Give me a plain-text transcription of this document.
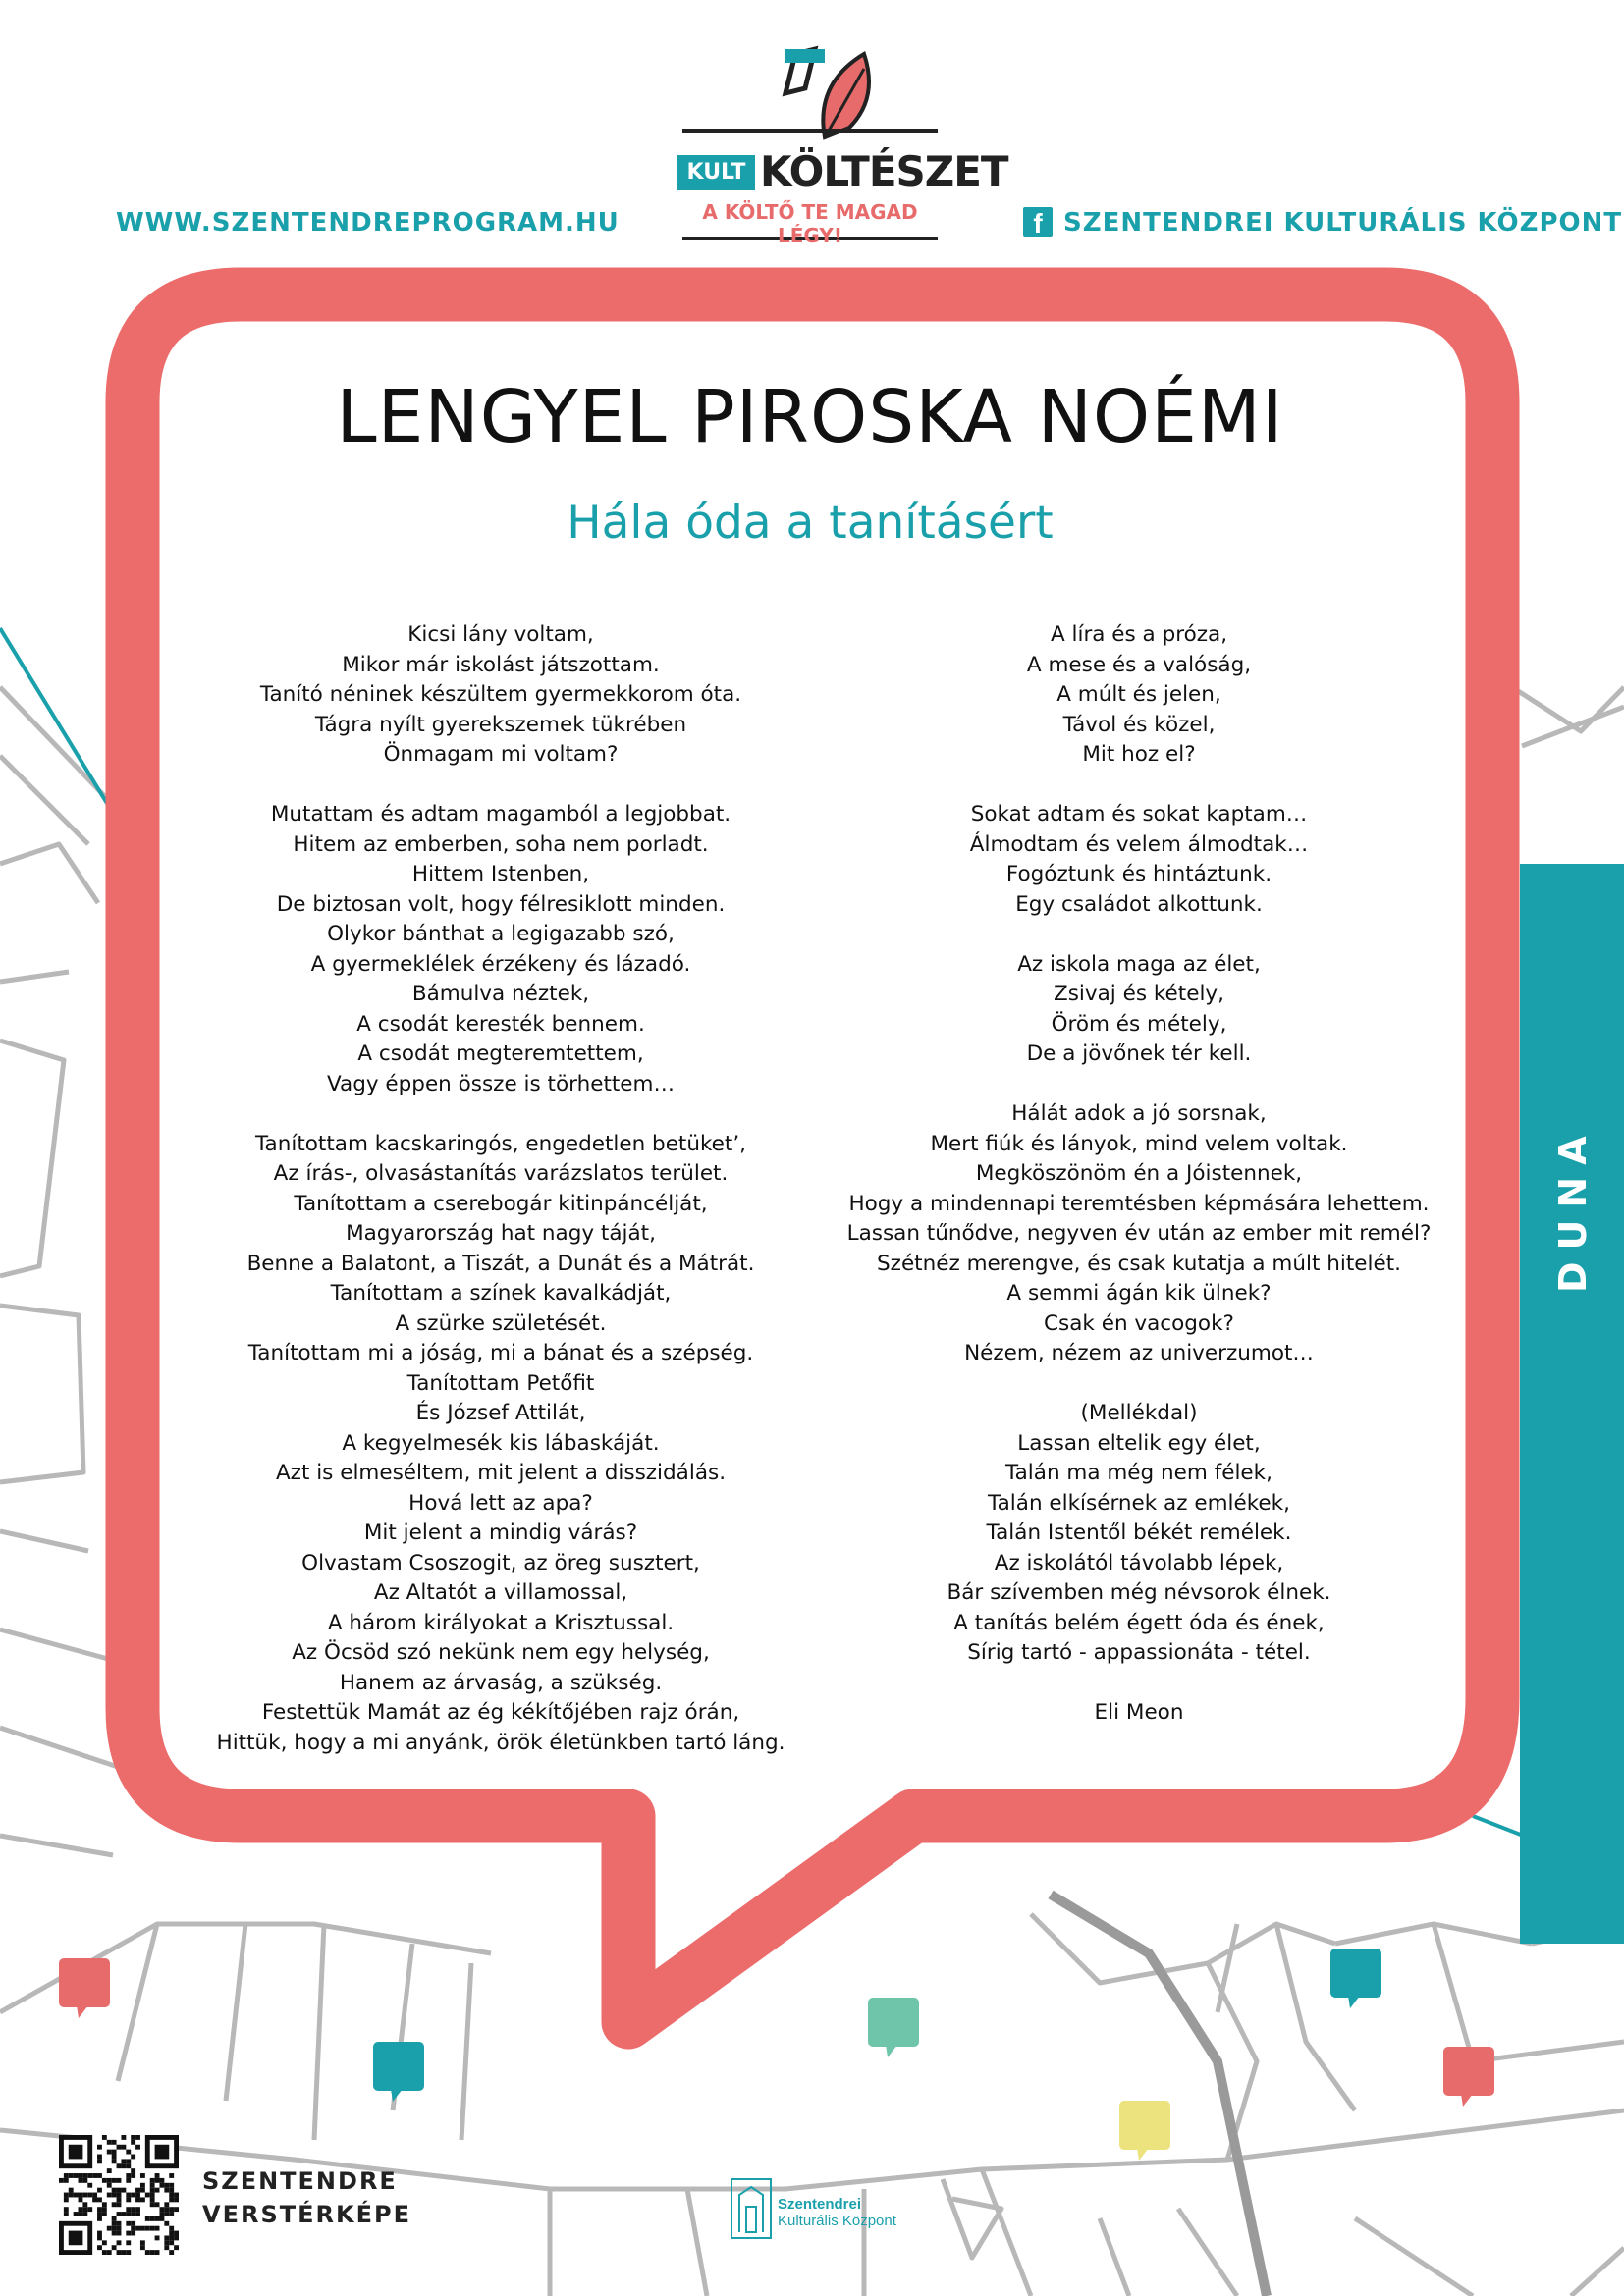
DUNA
WWW.SZENTENDREPROGRAM.HU	f SZENTENDREI KULTURÁLIS KÖZPONT
KULT KÖLTÉSZET
A KÖLTŐ TE MAGAD LÉGY!
LENGYEL PIROSKA NOÉMI
Hála óda a tanításért
Kicsi lány voltam,
Mikor már iskolást játszottam.
Tanító néninek készültem gyermekkorom óta.
Tágra nyílt gyerekszemek tükrében
Önmagam mi voltam?
Mutattam és adtam magamból a legjobbat.
Hitem az emberben, soha nem porladt.
Hittem Istenben,
De biztosan volt, hogy félresiklott minden.
Olykor bánthat a legigazabb szó,
A gyermeklélek érzékeny és lázadó.
Bámulva néztek,
A csodát keresték bennem.
A csodát megteremtettem,
Vagy éppen össze is törhettem…
Tanítottam kacskaringós, engedetlen betüket’,
Az írás-, olvasástanítás varázslatos terület.
Tanítottam a cserebogár kitinpáncélját,
Magyarország hat nagy táját,
Benne a Balatont, a Tiszát, a Dunát és a Mátrát.
Tanítottam a színek kavalkádját,
A szürke születését.
Tanítottam mi a jóság, mi a bánat és a szépség.
Tanítottam Petőfit
És József Attilát,
A kegyelmesék kis lábaskáját.
Azt is elmeséltem, mit jelent a disszidálás.
Hová lett az apa?
Mit jelent a mindig várás?
Olvastam Csoszogit, az öreg susztert,
Az Altatót a villamossal,
A három királyokat a Krisztussal.
Az Öcsöd szó nekünk nem egy helység,
Hanem az árvaság, a szükség.
Festettük Mamát az ég kékítőjében rajz órán,
Hittük, hogy a mi anyánk, örök életünkben tartó láng.
A líra és a próza,
A mese és a valóság,
A múlt és jelen,
Távol és közel,
Mit hoz el?
Sokat adtam és sokat kaptam…
Álmodtam és velem álmodtak…
Fogóztunk és hintáztunk.
Egy családot alkottunk.
Az iskola maga az élet,
Zsivaj és kétely,
Öröm és métely,
De a jövőnek tér kell.
Hálát adok a jó sorsnak,
Mert fiúk és lányok, mind velem voltak.
Megköszönöm én a Jóistennek,
Hogy a mindennapi teremtésben képmására lehettem.
Lassan tűnődve, negyven év után az ember mit remél?
Szétnéz merengve, és csak kutatja a múlt hitelét.
A semmi ágán kik ülnek?
Csak én vacogok?
Nézem, nézem az univerzumot…
(Mellékdal)
Lassan eltelik egy élet,
Talán ma még nem félek,
Talán elkísérnek az emlékek,
Talán Istentől békét remélek.
Az iskolától távolabb lépek,
Bár szívemben még névsorok élnek.
A tanítás belém égett óda és ének,
Sírig tartó - appassionáta - tétel.
Eli Meon
SZENTENDRE
VERSTÉRKÉPE	Szentendrei
Kulturális Központ
